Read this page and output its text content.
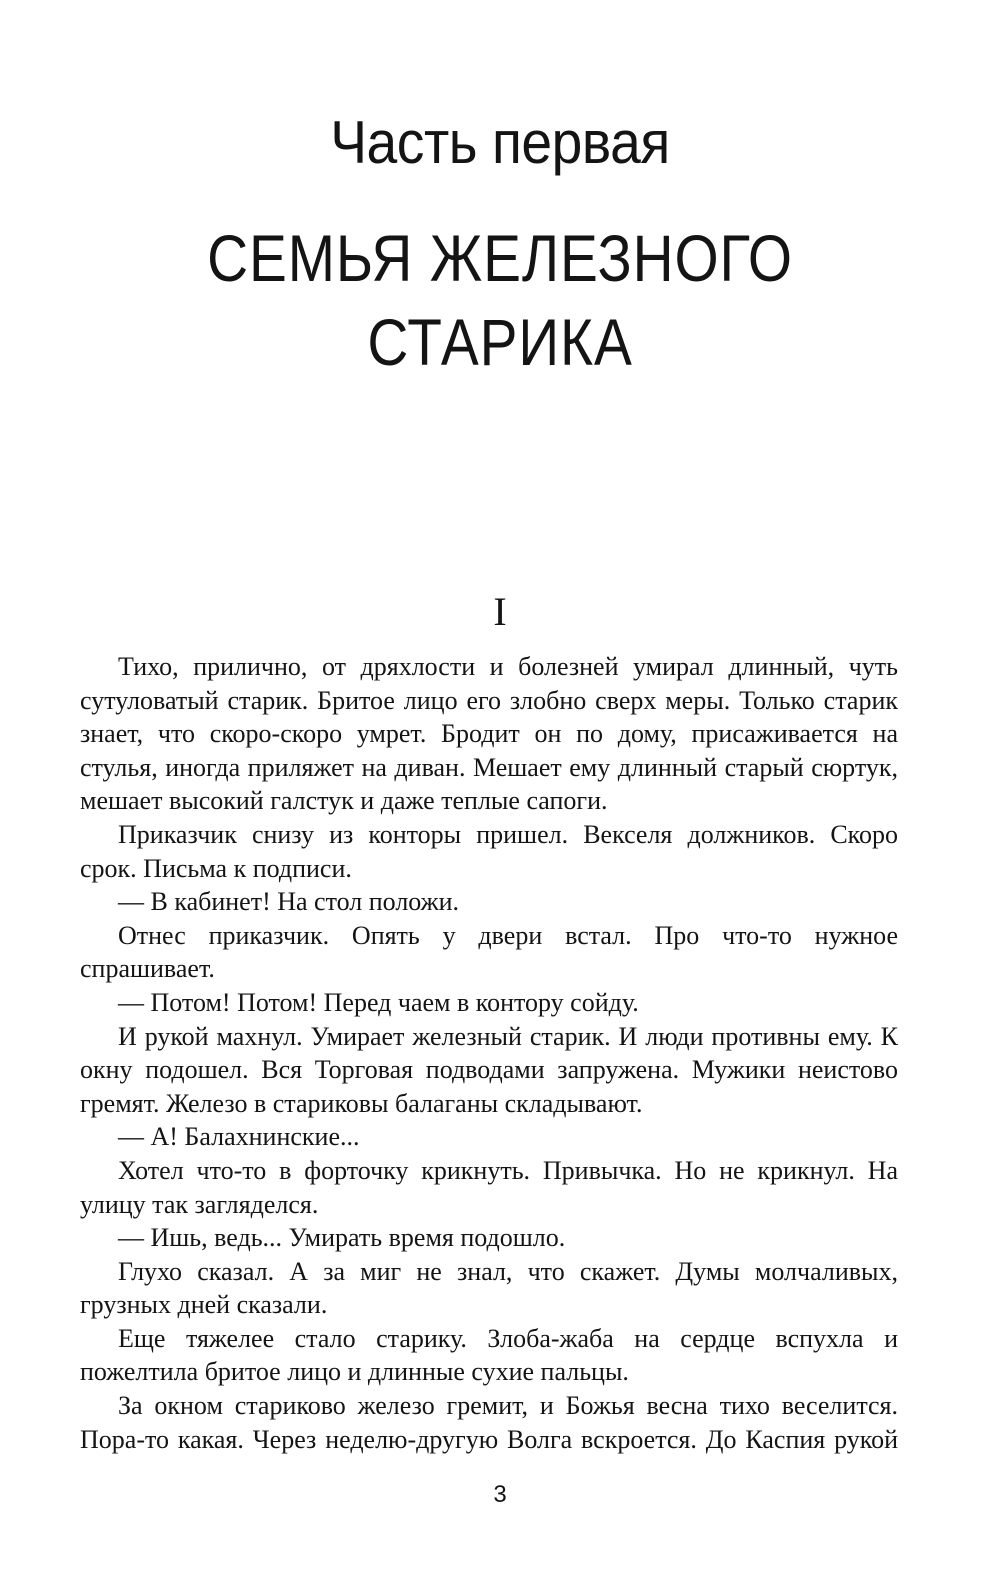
Часть первая
СЕМЬЯ ЖЕЛЕЗНОГО
СТАРИКА
I

Тихо, прилично, от дряхлости и болезней умирал длинный, чуть сутуловатый старик. Бритое лицо его злобно сверх меры. Только старик знает, что скоро-скоро умрет. Бродит он по дому, присаживается на стулья, иногда приляжет на диван. Мешает ему длинный старый сюртук, мешает высокий галстук и даже теплые сапоги.

Приказчик снизу из конторы пришел. Векселя должников. Скоро срок. Письма к подписи.

— В кабинет! На стол положи.

Отнес приказчик. Опять у двери встал. Про что-то нужное спрашивает.

— Потом! Потом! Перед чаем в контору сойду.

И рукой махнул. Умирает железный старик. И люди противны ему. К окну подошел. Вся Торговая подводами запружена. Мужики неистово гремят. Железо в стариковы балаганы складывают.

— А! Балахнинские...

Хотел что-то в форточку крикнуть. Привычка. Но не крикнул. На улицу так загляделся.

— Ишь, ведь... Умирать время подошло.

Глухо сказал. А за миг не знал, что скажет. Думы молчаливых, грузных дней сказали.

Еще тяжелее стало старику. Злоба-жаба на сердце вспухла и пожелтила бритое лицо и длинные сухие пальцы.

За окном стариково железо гремит, и Божья весна тихо веселится. Пора-то какая. Через неделю-другую Волга вскроется. До Каспия рукой

3
